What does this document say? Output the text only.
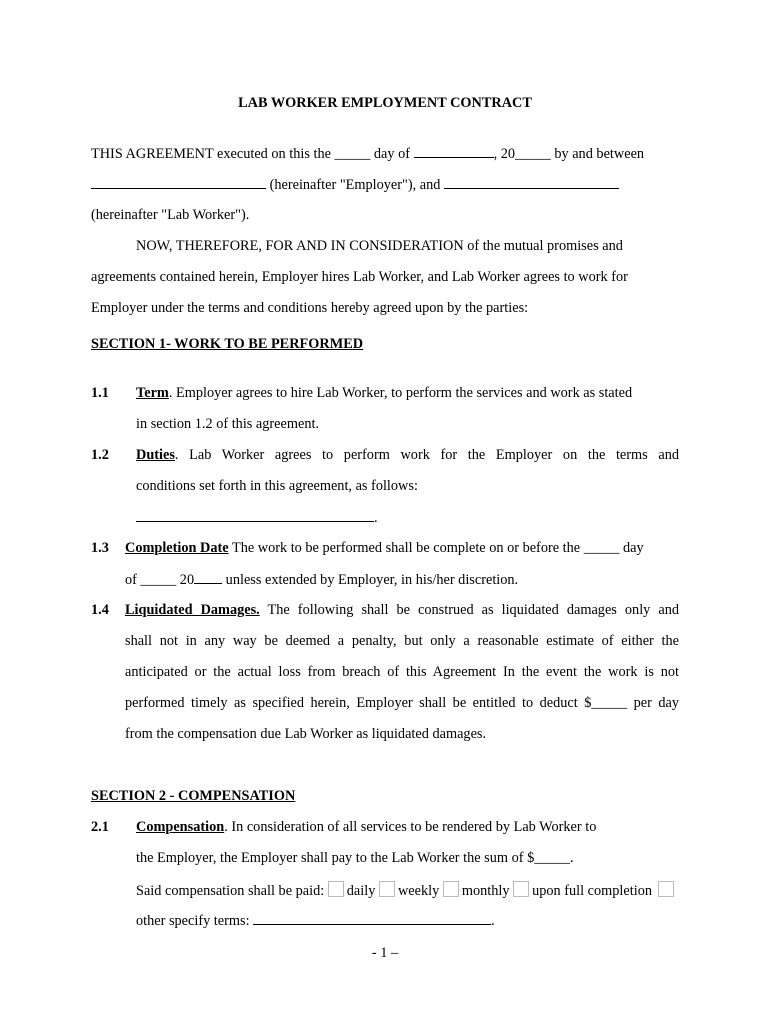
LAB WORKER EMPLOYMENT CONTRACT
THIS AGREEMENT executed on this the _____ day of	, 20_____ by and between
(hereinafter "Employer"), and
(hereinafter "Lab Worker").
NOW, THEREFORE, FOR AND IN CONSIDERATION of the mutual promises and
agreements contained herein, Employer hires Lab Worker, and Lab Worker agrees to work for
Employer under the terms and conditions hereby agreed upon by the parties:
SECTION 1- WORK TO BE PERFORMED
1.1 Term. Employer agrees to hire Lab Worker, to perform the services and work as stated
in section 1.2 of this agreement.
1.2 Duties. Lab Worker agrees to perform work for the Employer on the terms and
conditions set forth in this agreement, as follows:
.
1.3 Completion Date The work to be performed shall be complete on or before the _____ day
of _____ 20 unless extended by Employer, in his/her discretion.
1.4 Liquidated Damages. The following shall be construed as liquidated damages only and
shall not in any way be deemed a penalty, but only a reasonable estimate of either the
anticipated or the actual loss from breach of this Agreement In the event the work is not
performed timely as specified herein, Employer shall be entitled to deduct $_____ per day
from the compensation due Lab Worker as liquidated damages.
SECTION 2 - COMPENSATION
2.1 Compensation. In consideration of all services to be rendered by Lab Worker to
the Employer, the Employer shall pay to the Lab Worker the sum of $_____.
Said compensation shall be paid: daily weekly monthly upon full completion
other specify terms:	.
- 1 –
